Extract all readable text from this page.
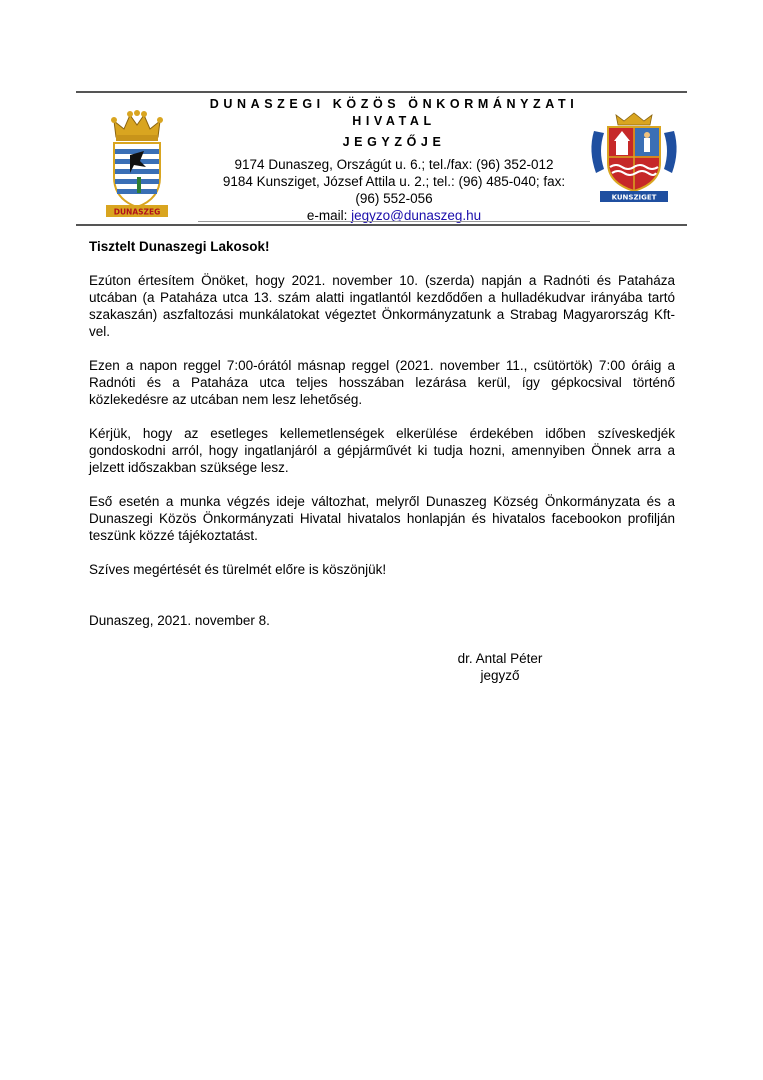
DUNASZEG
KUNSZIGET
DUNASZEGI KÖZÖS ÖNKORMÁNYZATI
HIVATAL
JEGYZŐJE
9174 Dunaszeg, Országút u. 6.; tel./fax: (96) 352-012
9184 Kunsziget, József Attila u. 2.; tel.: (96) 485-040; fax:
(96) 552-056
e-mail: jegyzo@dunaszeg.hu

Tisztelt Dunaszegi Lakosok!

Ezúton értesítem Önöket, hogy 2021. november 10. (szerda) napján a Radnóti és Pataháza utcában (a Pataháza utca 13. szám alatti ingatlantól kezdődően a hulladékudvar irányába tartó szakaszán) aszfaltozási munkálatokat végeztet Önkormányzatunk a Strabag Magyarország Kft-vel.

Ezen a napon reggel 7:00-órától másnap reggel (2021. november 11., csütörtök) 7:00 óráig a Radnóti és a Pataháza utca teljes hosszában lezárása kerül, így gépkocsival történő közlekedésre az utcában nem lesz lehetőség.

Kérjük, hogy az esetleges kellemetlenségek elkerülése érdekében időben szíveskedjék gondoskodni arról, hogy ingatlanjáról a gépjárművét ki tudja hozni, amennyiben Önnek arra a jelzett időszakban szüksége lesz.

Eső esetén a munka végzés ideje változhat, melyről Dunaszeg Község Önkormányzata és a Dunaszegi Közös Önkormányzati Hivatal hivatalos honlapján és hivatalos facebookon profilján teszünk közzé tájékoztatást.

Szíves megértését és türelmét előre is köszönjük!

Dunaszeg, 2021. november 8.

dr. Antal Péter
jegyző
